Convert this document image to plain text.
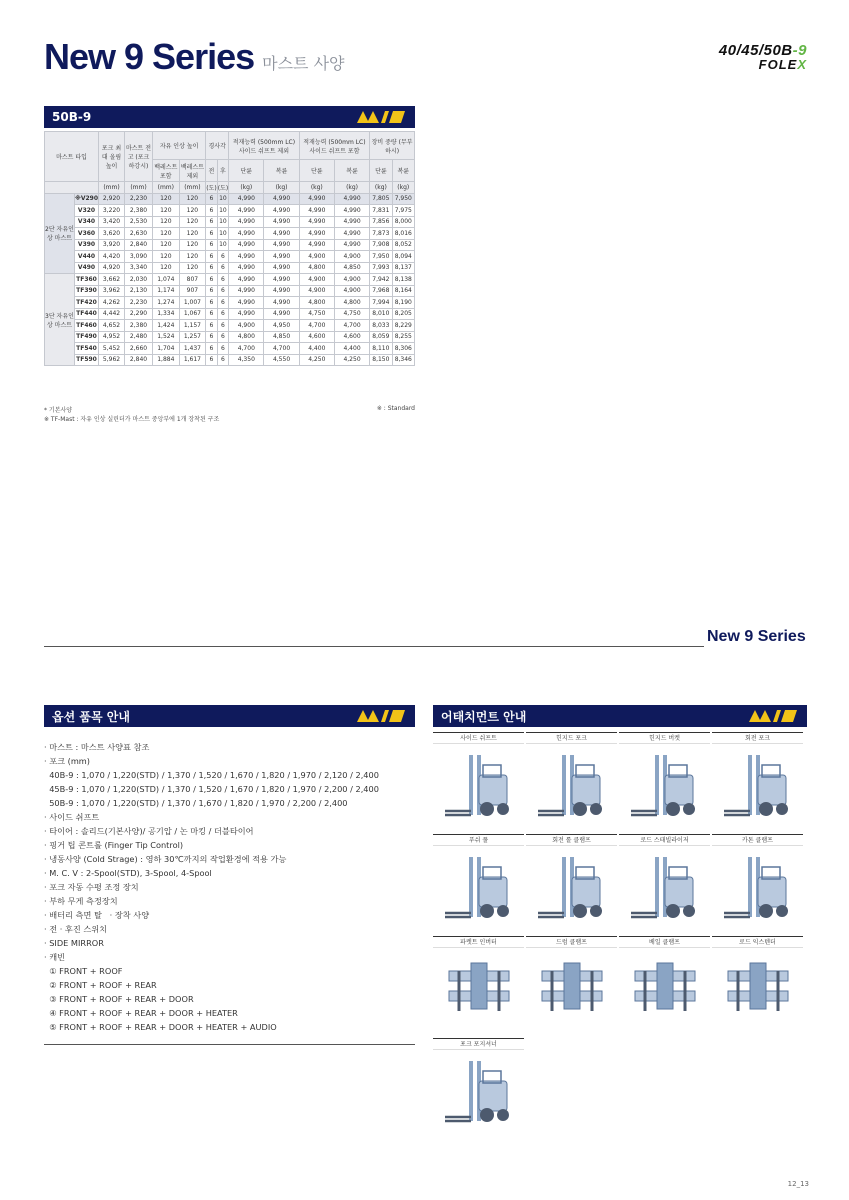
New 9 Series 마스트 사양
40/45/50B-9
FOLEX
50B-9
마스트 타입		포크 최대 올림 높이	마스트 전고 (포크 하강시)	자유 인상 높이		경사각		적재능력 (500mm LC) 사이드 쉬프트 제외		적재능력 (500mm LC) 사이드 쉬프트 포함		장비 중량 (무부하시)	
				백레스트 포함	백레스트 제외	전	후	단륜	복륜	단륜	복륜	단륜	복륜
		(mm)	(mm)	(mm)	(mm)	(도)	(도)	(kg)	(kg)	(kg)	(kg)	(kg)	(kg)
2단 자유인상 마스트	※V290	2,920	2,230	120	120	6	10	4,990	4,990	4,990	4,990	7,805	7,950
	V320	3,220	2,380	120	120	6	10	4,990	4,990	4,990	4,990	7,831	7,975
	V340	3,420	2,530	120	120	6	10	4,990	4,990	4,990	4,990	7,856	8,000
	V360	3,620	2,630	120	120	6	10	4,990	4,990	4,990	4,990	7,873	8,016
	V390	3,920	2,840	120	120	6	10	4,990	4,990	4,990	4,990	7,908	8,052
	V440	4,420	3,090	120	120	6	6	4,990	4,990	4,900	4,900	7,950	8,094
	V490	4,920	3,340	120	120	6	6	4,990	4,990	4,800	4,850	7,993	8,137
3단 자유인상 마스트	TF360	3,662	2,030	1,074	807	6	6	4,990	4,990	4,900	4,900	7,942	8,138
	TF390	3,962	2,130	1,174	907	6	6	4,990	4,990	4,900	4,900	7,968	8,164
	TF420	4,262	2,230	1,274	1,007	6	6	4,990	4,990	4,800	4,800	7,994	8,190
	TF440	4,442	2,290	1,334	1,067	6	6	4,990	4,990	4,750	4,750	8,010	8,205
	TF460	4,652	2,380	1,424	1,157	6	6	4,900	4,950	4,700	4,700	8,033	8,229
	TF490	4,952	2,480	1,524	1,257	6	6	4,800	4,850	4,600	4,600	8,059	8,255
	TF540	5,452	2,660	1,704	1,437	6	6	4,700	4,700	4,400	4,400	8,110	8,306
	TF590	5,962	2,840	1,884	1,617	6	6	4,350	4,550	4,250	4,250	8,150	8,346
* 기본사양
※ TF-Mast : 자유 인상 실린더가 마스트 중앙부에 1개 장착된 구조
※ : Standard
New 9 Series
옵션 품목 안내
· 마스트 : 마스트 사양표 참조
· 포크 (mm)
40B-9 : 1,070 / 1,220(STD) / 1,370 / 1,520 / 1,670 / 1,820 / 1,970 / 2,120 / 2,400
45B-9 : 1,070 / 1,220(STD) / 1,370 / 1,520 / 1,670 / 1,820 / 1,970 / 2,200 / 2,400
50B-9 : 1,070 / 1,220(STD) / 1,370 / 1,670 / 1,820 / 1,970 / 2,200 / 2,400
· 사이드 쉬프트
· 타이어 : 솔리드(기본사양)/ 공기압 / 논 마킹 / 더블타이어
· 핑거 팁 콘트롤 (Finger Tip Control)
· 냉동사양 (Cold Strage) : 영하 30℃까지의 작업환경에 적용 가능
· M. C. V : 2-Spool(STD), 3-Spool, 4-Spool
· 포크 자동 수평 조정 장치
· 부하 무게 측정장치
· 배터리 측면 탈   · 장착 사양
· 전 · 후진 스위치
· SIDE MIRROR
· 캐빈
① FRONT + ROOF
② FRONT + ROOF + REAR
③ FRONT + ROOF + REAR + DOOR
④ FRONT + ROOF + REAR + DOOR + HEATER
⑤ FRONT + ROOF + REAR + DOOR + HEATER + AUDIO
어태치먼트 안내
사이드 쉬프트	힌지드 포크	힌지드 버켓	회전 포크
푸쉬 풀	회전 롤 클램프	로드 스태빌라이저	카톤 클램프
파렛트 인버터	드럼 클램프	베일 클램프	로드 익스텐더
포크 포지셔너
12_13
